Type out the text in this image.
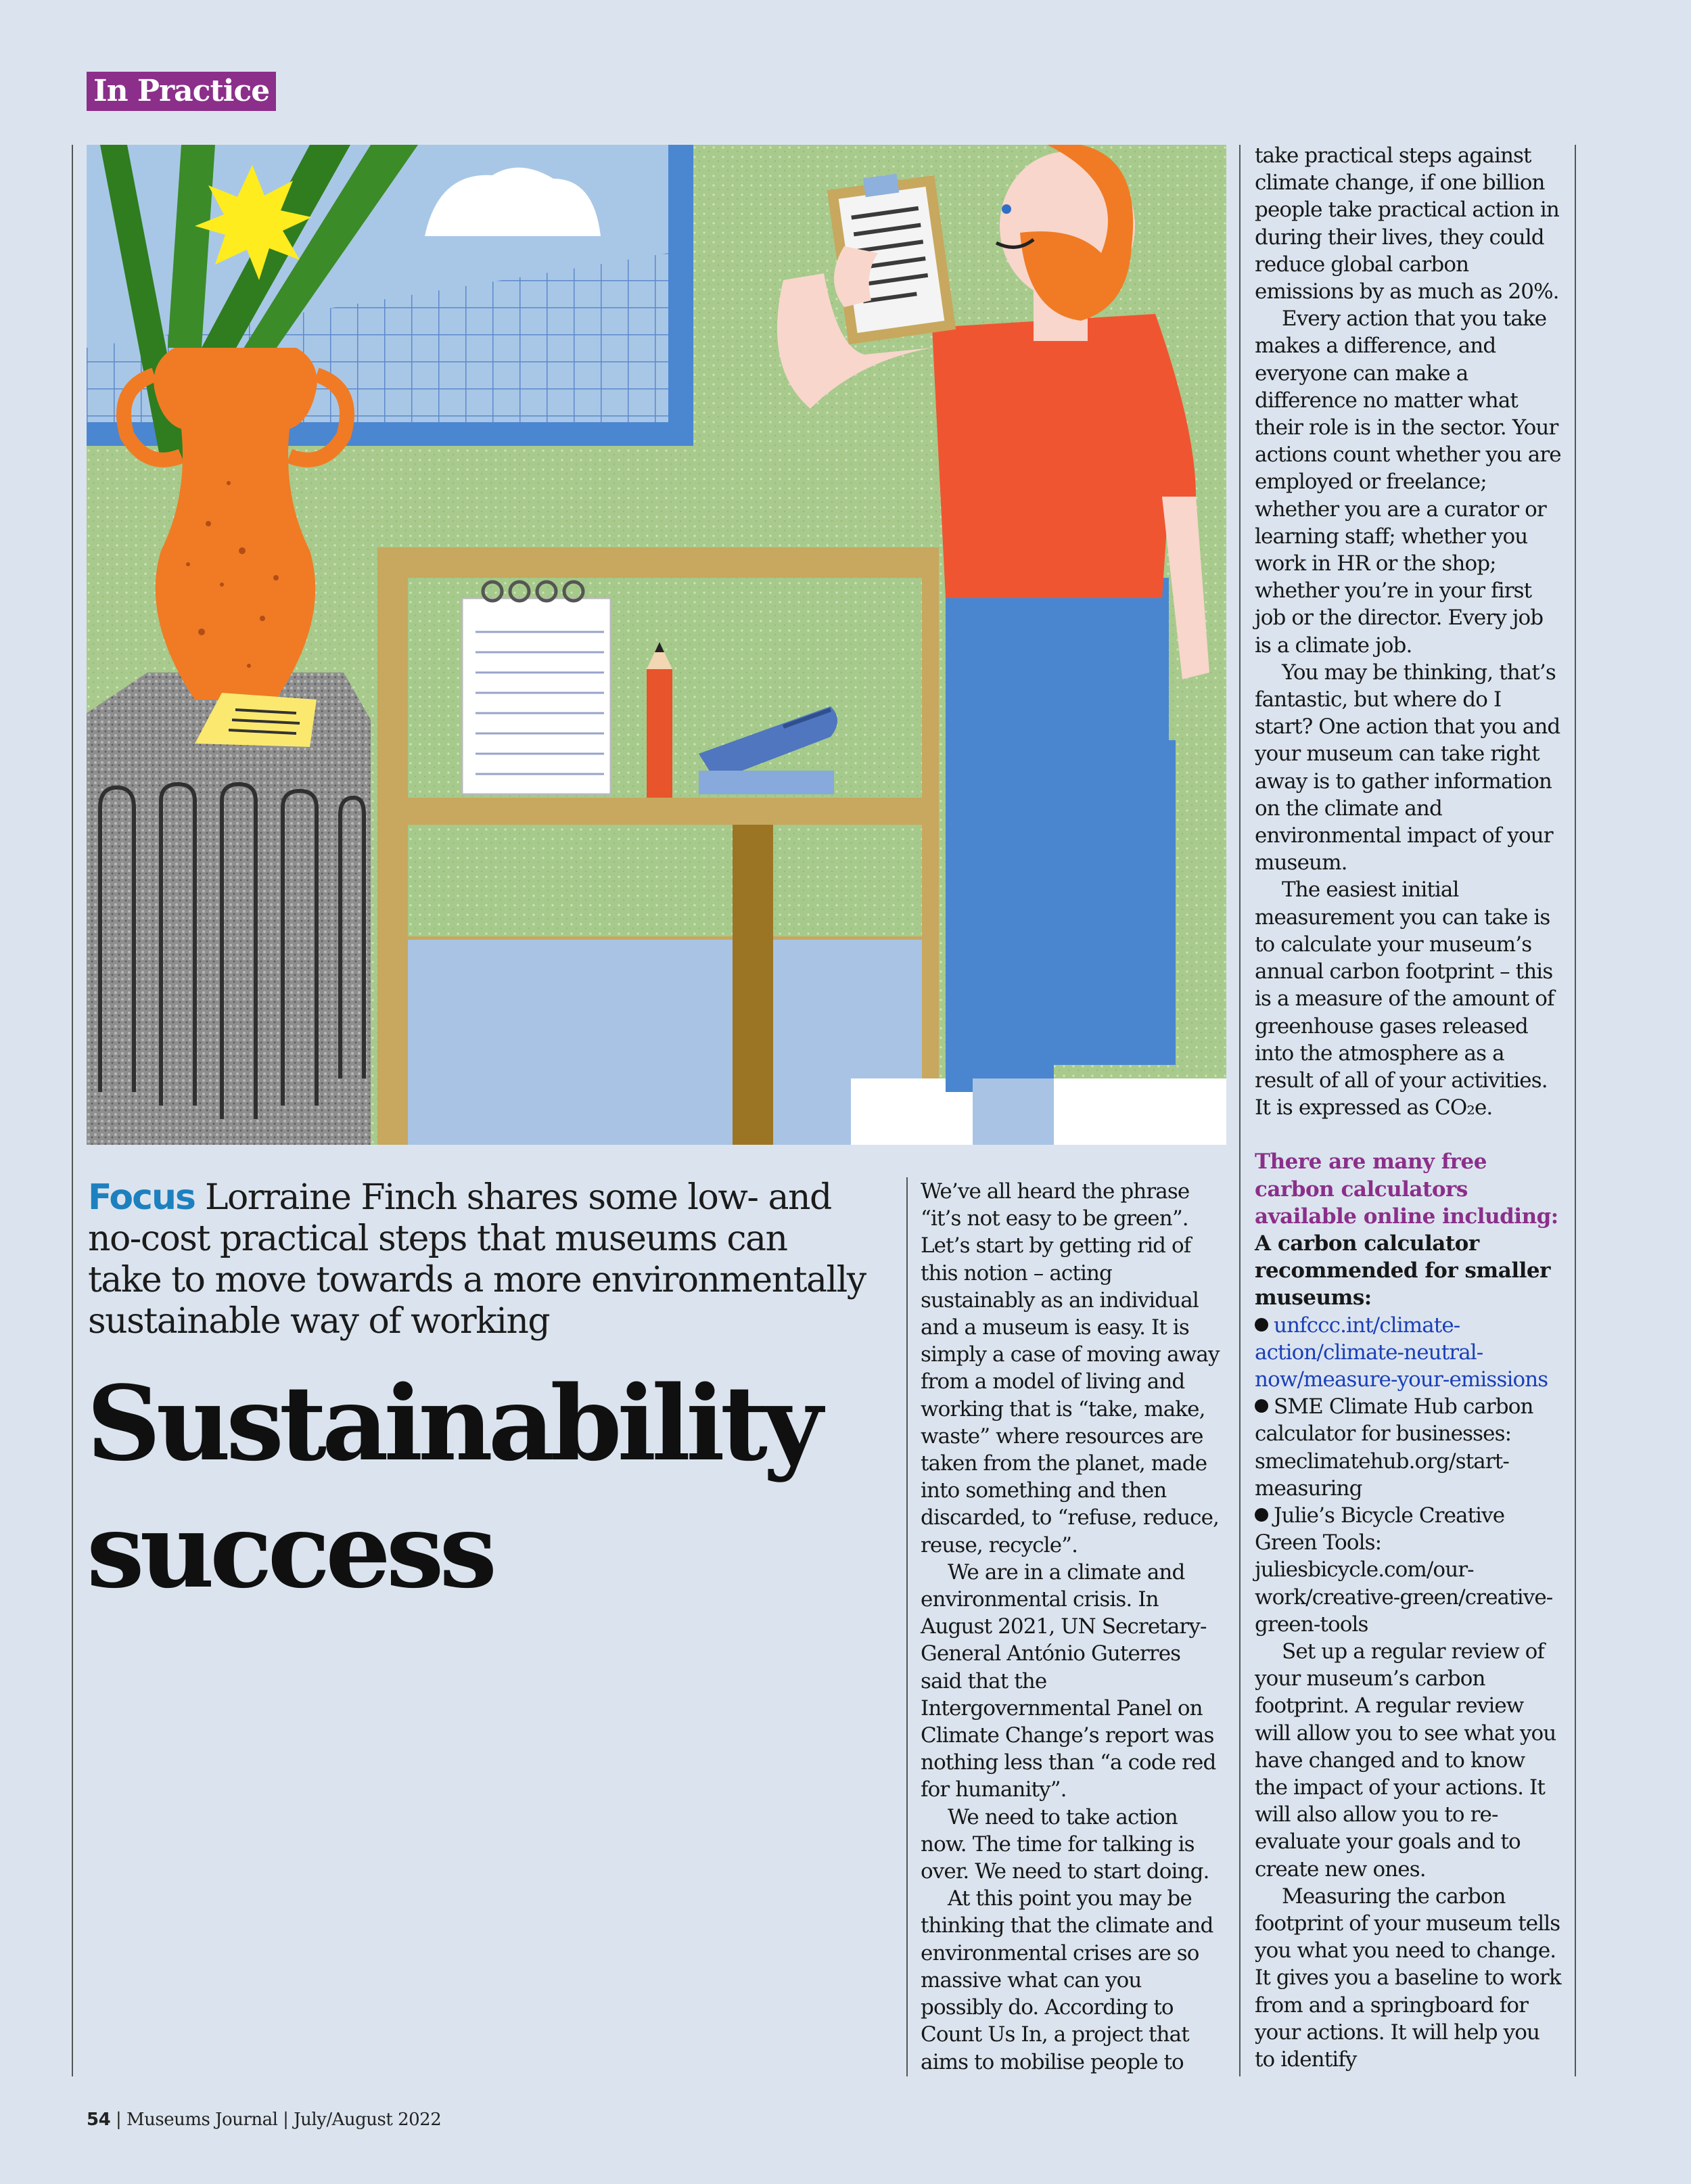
In Practice
Focus Lorraine Finch shares some low- and no-cost practical steps that museums can take to move towards a more environmentally sustainable way of working
Sustainability success

We’ve all heard the phrase “it’s not easy to be green”. Let’s start by getting rid of this notion – acting sustainably as an individual and a museum is easy. It is simply a case of moving away from a model of living and working that is “take, make, waste” where resources are taken from the planet, made into something and then discarded, to “refuse, reduce, reuse, recycle”.

We are in a climate and environmental crisis. In August 2021, UN Secretary-General António Guterres said that the Intergovernmental Panel on Climate Change’s report was nothing less than “a code red for humanity”.

We need to take action now. The time for talking is over. We need to start doing.

At this point you may be thinking that the climate and environmental crises are so massive what can you possibly do. According to Count Us In, a project that aims to mobilise people to

take practical steps against climate change, if one billion people take practical action in during their lives, they could reduce global carbon emissions by as much as 20%.

Every action that you take makes a difference, and everyone can make a difference no matter what their role is in the sector. Your actions count whether you are employed or freelance; whether you are a curator or learning staff; whether you work in HR or the shop; whether you’re in your first job or the director. Every job is a climate job.

You may be thinking, that’s fantastic, but where do I start? One action that you and your museum can take right away is to gather information on the climate and environmental impact of your museum.

The easiest initial measurement you can take is to calculate your museum’s annual carbon footprint – this is a measure of the amount of greenhouse gases released into the atmosphere as a result of all of your activities. It is expressed as CO₂e.

There are many free carbon calculators available online including:

A carbon calculator recommended for smaller museums:

unfccc.int/climate-action/climate-neutral-now/measure-your-emissions

SME Climate Hub carbon calculator for businesses: smeclimatehub.org/start-measuring

Julie’s Bicycle Creative Green Tools: juliesbicycle.com/our-work/creative-green/creative-green-tools

Set up a regular review of your museum’s carbon footprint. A regular review will allow you to see what you have changed and to know the impact of your actions. It will also allow you to re-evaluate your goals and to create new ones.

Measuring the carbon footprint of your museum tells you what you need to change. It gives you a baseline to work from and a springboard for your actions. It will help you to identify

54 | Museums Journal | July/August 2022
